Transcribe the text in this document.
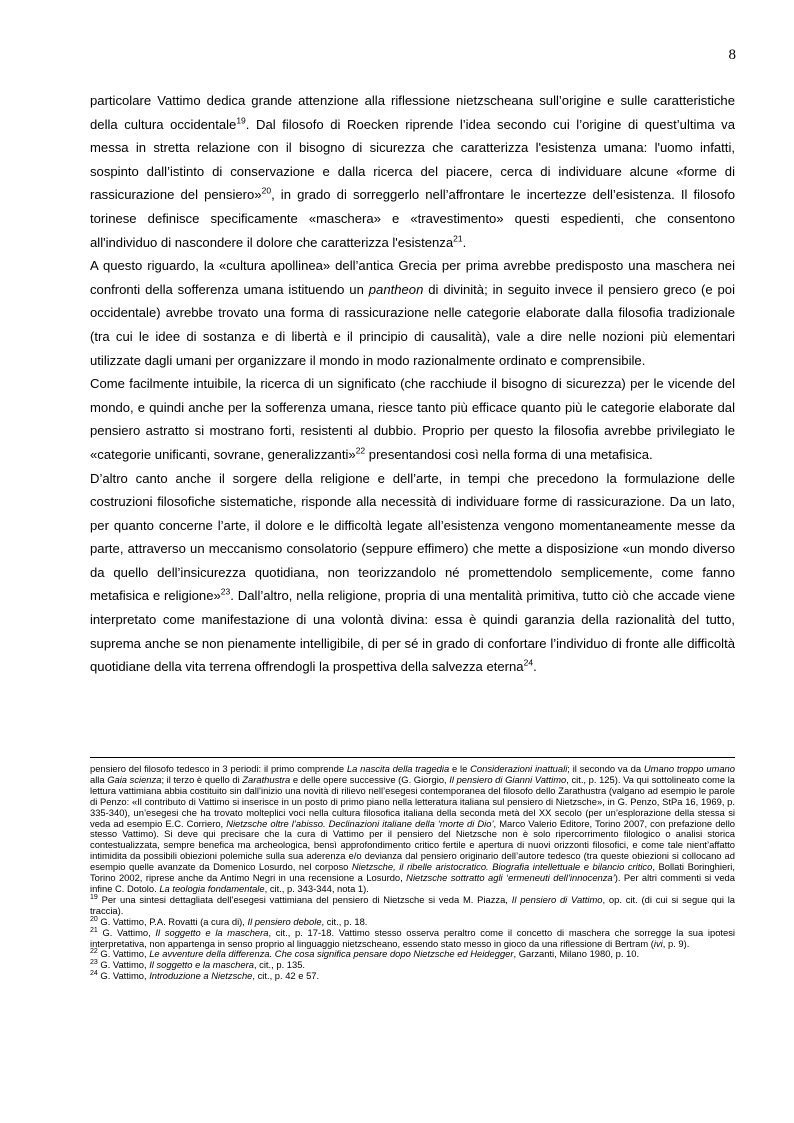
8

particolare Vattimo dedica grande attenzione alla riflessione nietzscheana sull’origine e sulle caratteristiche della cultura occidentale$^{19}$. Dal filosofo di Roecken riprende l’idea secondo cui l’origine di quest’ultima va messa in stretta relazione con il bisogno di sicurezza che caratterizza l'esistenza umana: l'uomo infatti, sospinto dall’istinto di conservazione e dalla ricerca del piacere, cerca di individuare alcune «forme di rassicurazione del pensiero»$^{20}$, in grado di sorreggerlo nell’affrontare le incertezze dell’esistenza. Il filosofo torinese definisce specificamente «maschera» e «travestimento» questi espedienti, che consentono all'individuo di nascondere il dolore che caratterizza l'esistenza$^{21}$.

A questo riguardo, la «cultura apollinea» dell’antica Grecia per prima avrebbe predisposto una maschera nei confronti della sofferenza umana istituendo un pantheon di divinità; in seguito invece il pensiero greco (e poi occidentale) avrebbe trovato una forma di rassicurazione nelle categorie elaborate dalla filosofia tradizionale (tra cui le idee di sostanza e di libertà e il principio di causalità), vale a dire nelle nozioni più elementari utilizzate dagli umani per organizzare il mondo in modo razionalmente ordinato e comprensibile.

Come facilmente intuibile, la ricerca di un significato (che racchiude il bisogno di sicurezza) per le vicende del mondo, e quindi anche per la sofferenza umana, riesce tanto più efficace quanto più le categorie elaborate dal pensiero astratto si mostrano forti, resistenti al dubbio. Proprio per questo la filosofia avrebbe privilegiato le «categorie unificanti, sovrane, generalizzanti»$^{22}$ presentandosi così nella forma di una metafisica.

D’altro canto anche il sorgere della religione e dell’arte, in tempi che precedono la formulazione delle costruzioni filosofiche sistematiche, risponde alla necessità di individuare forme di rassicurazione. Da un lato, per quanto concerne l’arte, il dolore e le difficoltà legate all’esistenza vengono momentaneamente messe da parte, attraverso un meccanismo consolatorio (seppure effimero) che mette a disposizione «un mondo diverso da quello dell’insicurezza quotidiana, non teorizzandolo né promettendolo semplicemente, come fanno metafisica e religione»$^{23}$. Dall’altro, nella religione, propria di una mentalità primitiva, tutto ciò che accade viene interpretato come manifestazione di una volontà divina: essa è quindi garanzia della razionalità del tutto, suprema anche se non pienamente intelligibile, di per sé in grado di confortare l’individuo di fronte alle difficoltà quotidiane della vita terrena offrendogli la prospettiva della salvezza eterna$^{24}$.

pensiero del filosofo tedesco in 3 periodi: il primo comprende La nascita della tragedia e le Considerazioni inattuali; il secondo va da Umano troppo umano alla Gaia scienza; il terzo è quello di Zarathustra e delle opere successive (G. Giorgio, Il pensiero di Gianni Vattimo, cit., p. 125). Va qui sottolineato come la lettura vattimiana abbia costituito sin dall’inizio una novità di rilievo nell’esegesi contemporanea del filosofo dello Zarathustra (valgano ad esempio le parole di Penzo: «Il contributo di Vattimo si inserisce in un posto di primo piano nella letteratura italiana sul pensiero di Nietzsche», in G. Penzo, StPa 16, 1969, p. 335-340), un’esegesi che ha trovato molteplici voci nella cultura filosofica italiana della seconda metà del XX secolo (per un’esplorazione della stessa si veda ad esempio E.C. Corriero, Nietzsche oltre l’abisso. Declinazioni italiane della ‘morte di Dio’, Marco Valerio Editore, Torino 2007, con prefazione dello stesso Vattimo). Si deve qui precisare che la cura di Vattimo per il pensiero del Nietzsche non è solo ripercorrimento filologico o analisi storica contestualizzata, sempre benefica ma archeologica, bensì approfondimento critico fertile e apertura di nuovi orizzonti filosofici, e come tale nient’affatto intimidita da possibili obiezioni polemiche sulla sua aderenza e/o devianza dal pensiero originario dell’autore tedesco (tra queste obiezioni si collocano ad esempio quelle avanzate da Domenico Losurdo, nel corposo Nietzsche, il ribelle aristocratico. Biografia intellettuale e bilancio critico, Bollati Boringhieri, Torino 2002, riprese anche da Antimo Negri in una recensione a Losurdo, Nietzsche sottratto agli ‘ermeneuti dell’innocenza’). Per altri commenti si veda infine C. Dotolo. La teologia fondamentale, cit., p. 343-344, nota 1).

$^{19}$ Per una sintesi dettagliata dell’esegesi vattimiana del pensiero di Nietzsche si veda M. Piazza, Il pensiero di Vattimo, op. cit. (di cui si segue qui la traccia).

$^{20}$ G. Vattimo, P.A. Rovatti (a cura di), Il pensiero debole, cit., p. 18.

$^{21}$ G. Vattimo, Il soggetto e la maschera, cit., p. 17-18. Vattimo stesso osserva peraltro come il concetto di maschera che sorregge la sua ipotesi interpretativa, non appartenga in senso proprio al linguaggio nietzscheano, essendo stato messo in gioco da una riflessione di Bertram (ivi, p. 9).

$^{22}$ G. Vattimo, Le avventure della differenza. Che cosa significa pensare dopo Nietzsche ed Heidegger, Garzanti, Milano 1980, p. 10.

$^{23}$ G. Vattimo, Il soggetto e la maschera, cit., p. 135.

$^{24}$ G. Vattimo, Introduzione a Nietzsche, cit., p. 42 e 57.
